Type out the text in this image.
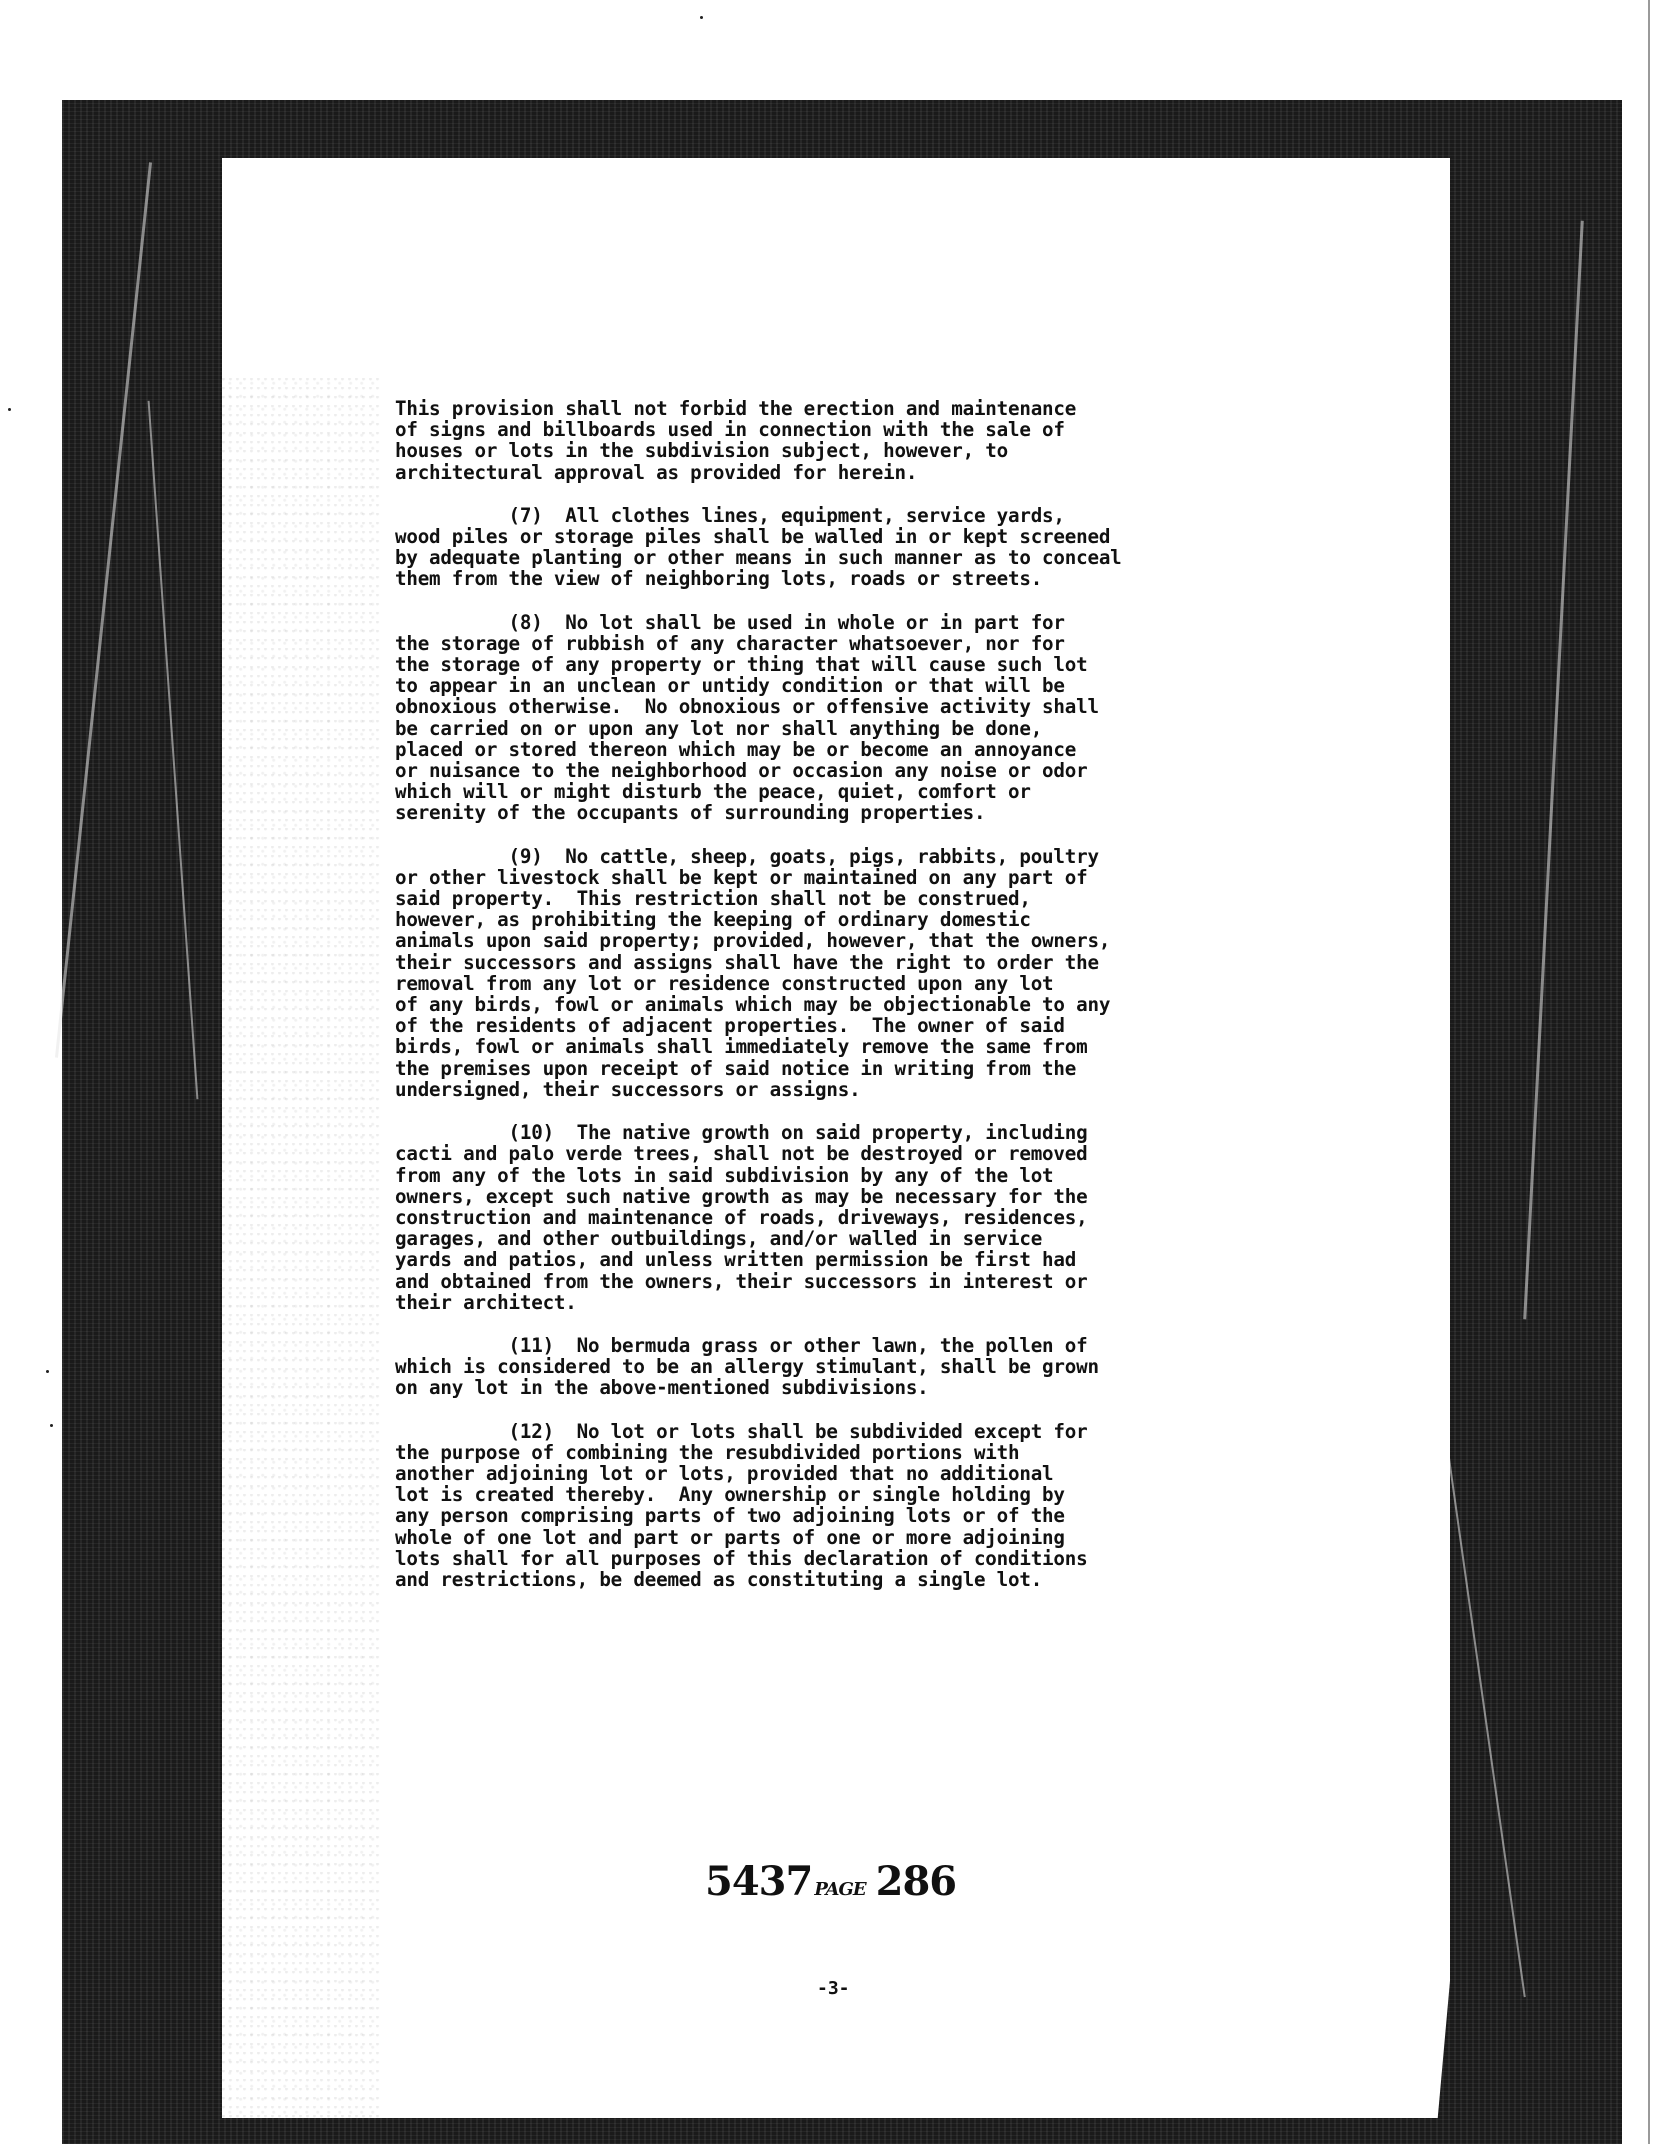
This provision shall not forbid the erection and maintenance
of signs and billboards used in connection with the sale of
houses or lots in the subdivision subject, however, to
architectural approval as provided for herein.
(7)  All clothes lines, equipment, service yards,
wood piles or storage piles shall be walled in or kept screened
by adequate planting or other means in such manner as to conceal
them from the view of neighboring lots, roads or streets.
(8)  No lot shall be used in whole or in part for
the storage of rubbish of any character whatsoever, nor for
the storage of any property or thing that will cause such lot
to appear in an unclean or untidy condition or that will be
obnoxious otherwise.  No obnoxious or offensive activity shall
be carried on or upon any lot nor shall anything be done,
placed or stored thereon which may be or become an annoyance
or nuisance to the neighborhood or occasion any noise or odor
which will or might disturb the peace, quiet, comfort or
serenity of the occupants of surrounding properties.
(9)  No cattle, sheep, goats, pigs, rabbits, poultry
or other livestock shall be kept or maintained on any part of
said property.  This restriction shall not be construed,
however, as prohibiting the keeping of ordinary domestic
animals upon said property; provided, however, that the owners,
their successors and assigns shall have the right to order the
removal from any lot or residence constructed upon any lot
of any birds, fowl or animals which may be objectionable to any
of the residents of adjacent properties.  The owner of said
birds, fowl or animals shall immediately remove the same from
the premises upon receipt of said notice in writing from the
undersigned, their successors or assigns.
(10)  The native growth on said property, including
cacti and palo verde trees, shall not be destroyed or removed
from any of the lots in said subdivision by any of the lot
owners, except such native growth as may be necessary for the
construction and maintenance of roads, driveways, residences,
garages, and other outbuildings, and/or walled in service
yards and patios, and unless written permission be first had
and obtained from the owners, their successors in interest or
their architect.
(11)  No bermuda grass or other lawn, the pollen of
which is considered to be an allergy stimulant, shall be grown
on any lot in the above-mentioned subdivisions.
(12)  No lot or lots shall be subdivided except for
the purpose of combining the resubdivided portions with
another adjoining lot or lots, provided that no additional
lot is created thereby.  Any ownership or single holding by
any person comprising parts of two adjoining lots or of the
whole of one lot and part or parts of one or more adjoining
lots shall for all purposes of this declaration of conditions
and restrictions, be deemed as constituting a single lot.
5437 PAGE 286
-3-
